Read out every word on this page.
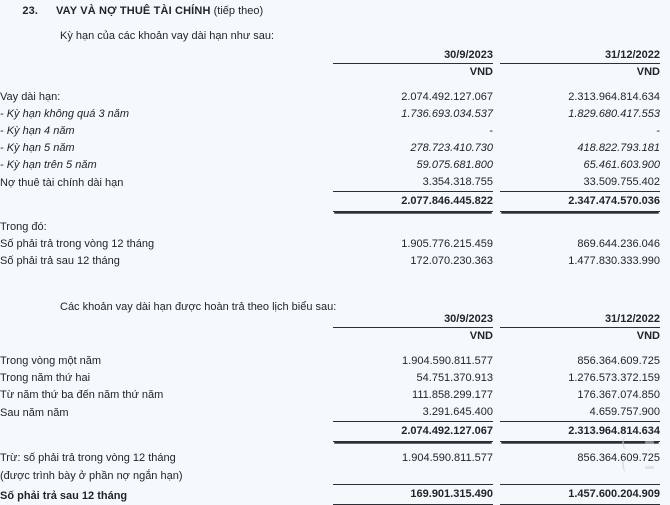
23. VAY VÀ NỢ THUÊ TÀI CHÍNH (tiếp theo)
Kỳ hạn của các khoản vay dài hạn như sau:
		30/9/2023		31/12/2022
		VND		VND

Vay dài hạn:		2.074.492.127.067		2.313.964.814.634
- Kỳ hạn không quá 3 năm		1.736.693.034.537		1.829.680.417.553
- Kỳ hạn 4 năm		-		-
- Kỳ hạn 5 năm		278.723.410.730		418.822.793.181
- Kỳ hạn trên 5 năm		59.075.681.800		65.461.603.900
Nợ thuê tài chính dài hạn		3.354.318.755		33.509.755.402
		2.077.846.445.822		2.347.474.570.036
Trong đó:				
Số phải trả trong vòng 12 tháng		1.905.776.215.459		869.644.236.046
Số phải trả sau 12 tháng		172.070.230.363		1.477.830.333.990
Các khoản vay dài hạn được hoàn trả theo lịch biểu sau:

		30/9/2023		31/12/2022
		VND		VND

Trong vòng một năm		1.904.590.811.577		856.364.609.725
Trong năm thứ hai		54.751.370.913		1.276.573.372.159
Từ năm thứ ba đến năm thứ năm		111.858.299.177		176.367.074.850
Sau năm năm		3.291.645.400		4.659.757.900
		2.074.492.127.067		2.313.964.814.634

Trừ: số phải trả trong vòng 12 tháng		1.904.590.811.577		856.364.609.725
(được trình bày ở phần nợ ngắn hạn)				
Số phải trả sau 12 tháng		169.901.315.490		1.457.600.204.909
